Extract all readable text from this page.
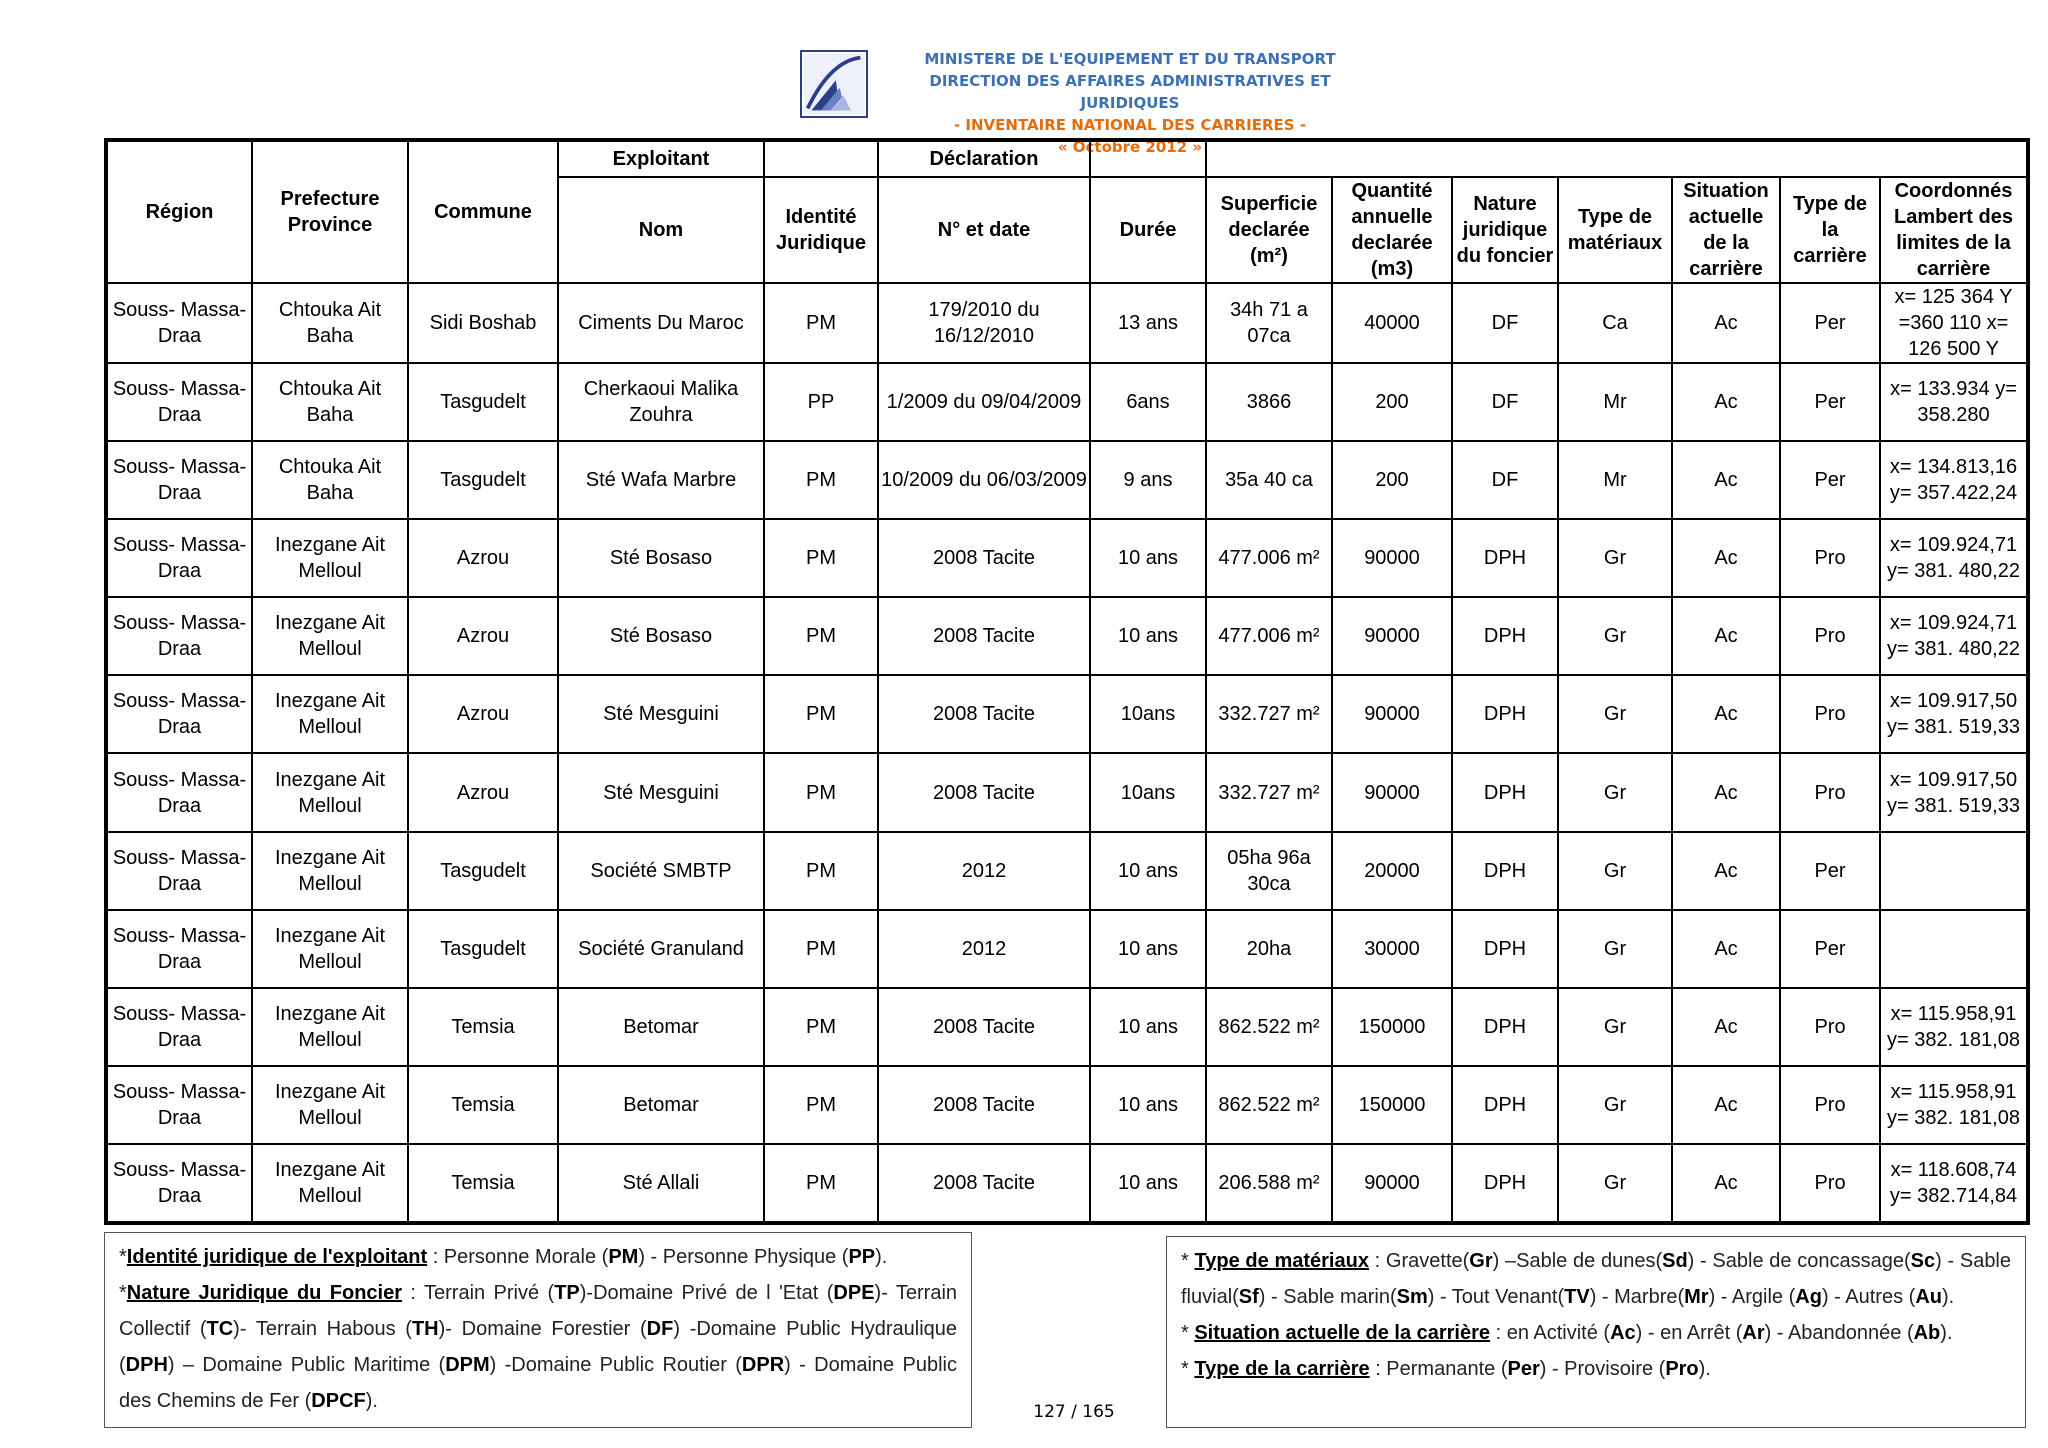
MINISTERE DE L'EQUIPEMENT ET DU TRANSPORT
DIRECTION DES AFFAIRES ADMINISTRATIVES ET JURIDIQUES
- INVENTAIRE NATIONAL DES CARRIERES -
« Octobre 2012 »
Région	Prefecture Province	Commune	Exploitant		Déclaration								
			Nom	Identité Juridique	N° et date	Durée	Superficie declarée (m²)	Quantité annuelle declarée (m3)	Nature juridique du foncier	Type de matériaux	Situation actuelle de la carrière	Type de la carrière	Coordonnés Lambert des limites de la carrière
Souss- Massa-Draa	Chtouka Ait Baha	Sidi Boshab	Ciments Du Maroc	PM	179/2010 du 16/12/2010	13 ans	34h 71 a 07ca	40000	DF	Ca	Ac	Per	x= 125 364 Y =360 110 x= 126 500 Y
Souss- Massa-Draa	Chtouka Ait Baha	Tasgudelt	Cherkaoui Malika Zouhra	PP	1/2009 du 09/04/2009	6ans	3866	200	DF	Mr	Ac	Per	x= 133.934 y= 358.280
Souss- Massa-Draa	Chtouka Ait Baha	Tasgudelt	Sté Wafa Marbre	PM	10/2009 du 06/03/2009	9 ans	35a 40 ca	200	DF	Mr	Ac	Per	x= 134.813,16 y= 357.422,24
Souss- Massa-Draa	Inezgane Ait Melloul	Azrou	Sté Bosaso	PM	2008 Tacite	10 ans	477.006 m²	90000	DPH	Gr	Ac	Pro	x= 109.924,71 y= 381. 480,22
Souss- Massa-Draa	Inezgane Ait Melloul	Azrou	Sté Bosaso	PM	2008 Tacite	10 ans	477.006 m²	90000	DPH	Gr	Ac	Pro	x= 109.924,71 y= 381. 480,22
Souss- Massa-Draa	Inezgane Ait Melloul	Azrou	Sté Mesguini	PM	2008 Tacite	10ans	332.727 m²	90000	DPH	Gr	Ac	Pro	x= 109.917,50 y= 381. 519,33
Souss- Massa-Draa	Inezgane Ait Melloul	Azrou	Sté Mesguini	PM	2008 Tacite	10ans	332.727 m²	90000	DPH	Gr	Ac	Pro	x= 109.917,50 y= 381. 519,33
Souss- Massa-Draa	Inezgane Ait Melloul	Tasgudelt	Société SMBTP	PM	2012	10 ans	05ha 96a 30ca	20000	DPH	Gr	Ac	Per	
Souss- Massa-Draa	Inezgane Ait Melloul	Tasgudelt	Société Granuland	PM	2012	10 ans	20ha	30000	DPH	Gr	Ac	Per	
Souss- Massa-Draa	Inezgane Ait Melloul	Temsia	Betomar	PM	2008 Tacite	10 ans	862.522 m²	150000	DPH	Gr	Ac	Pro	x= 115.958,91 y= 382. 181,08
Souss- Massa-Draa	Inezgane Ait Melloul	Temsia	Betomar	PM	2008 Tacite	10 ans	862.522 m²	150000	DPH	Gr	Ac	Pro	x= 115.958,91 y= 382. 181,08
Souss- Massa-Draa	Inezgane Ait Melloul	Temsia	Sté Allali	PM	2008 Tacite	10 ans	206.588 m²	90000	DPH	Gr	Ac	Pro	x= 118.608,74 y= 382.714,84
*Identité juridique de l'exploitant : Personne Morale (PM) - Personne Physique (PP).
*Nature Juridique du Foncier : Terrain Privé (TP)-Domaine Privé de l 'Etat (DPE)- Terrain Collectif (TC)- Terrain Habous (TH)- Domaine Forestier (DF) -Domaine Public Hydraulique (DPH) – Domaine Public Maritime (DPM) -Domaine Public Routier (DPR) - Domaine Public des Chemins de Fer (DPCF).
* Type de matériaux : Gravette(Gr) –Sable de dunes(Sd) - Sable de concassage(Sc) - Sable fluvial(Sf) - Sable marin(Sm) - Tout Venant(TV) - Marbre(Mr) - Argile (Ag) - Autres (Au).
* Situation actuelle de la carrière : en Activité (Ac) - en Arrêt (Ar) - Abandonnée (Ab).
* Type de la carrière : Permanante (Per) - Provisoire (Pro).
127 / 165
